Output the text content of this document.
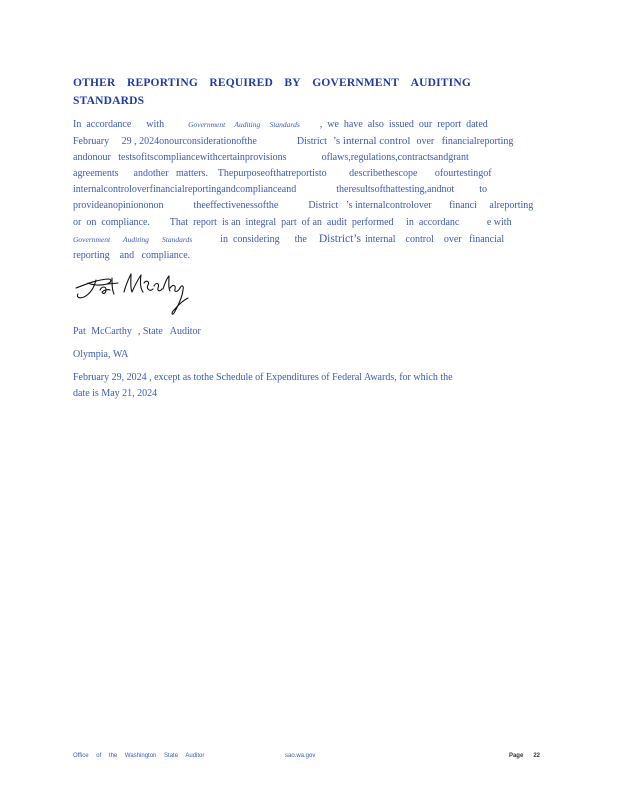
OTHER REPORTING REQUIRED BY GOVERNMENT AUDITING
STANDARDS
In  accordance      with	Government     Auditing     Standards ,  we  have  also  issued  our  report  dated
February     29 , 2024onourconsiderationofthe                District ’s internal control over   financialreporting
andonour   testsofitscompliancewithcertainprovisions              oflaws,regulations,contractsandgrant
agreements      andother   matters.    Thepurposeofthatreportisto         describethescope       ofourtestingof
internalcontroloverfinancialreportingandcomplianceand                theresultsofthattesting,andnot          to
provideanopiniononon            theeffectivenessofthe            District   ’s internalcontrolover       financi     alreporting
or  on  compliance.        That  report  is an  integral  part  of an  audit  performed     in  accordanc           e with
Government       Auditing       Standards	in  considering      the District’s internal    control    over   financial
reporting    and   compliance.
Pat McCarthy , State   Auditor
Olympia, WA
February 29, 2024 , except as tothe Schedule of Expenditures of Federal Awards, for which the
date is May 21, 2024
Office of the Washington State Auditor	sao.wa.gov	Page 22
